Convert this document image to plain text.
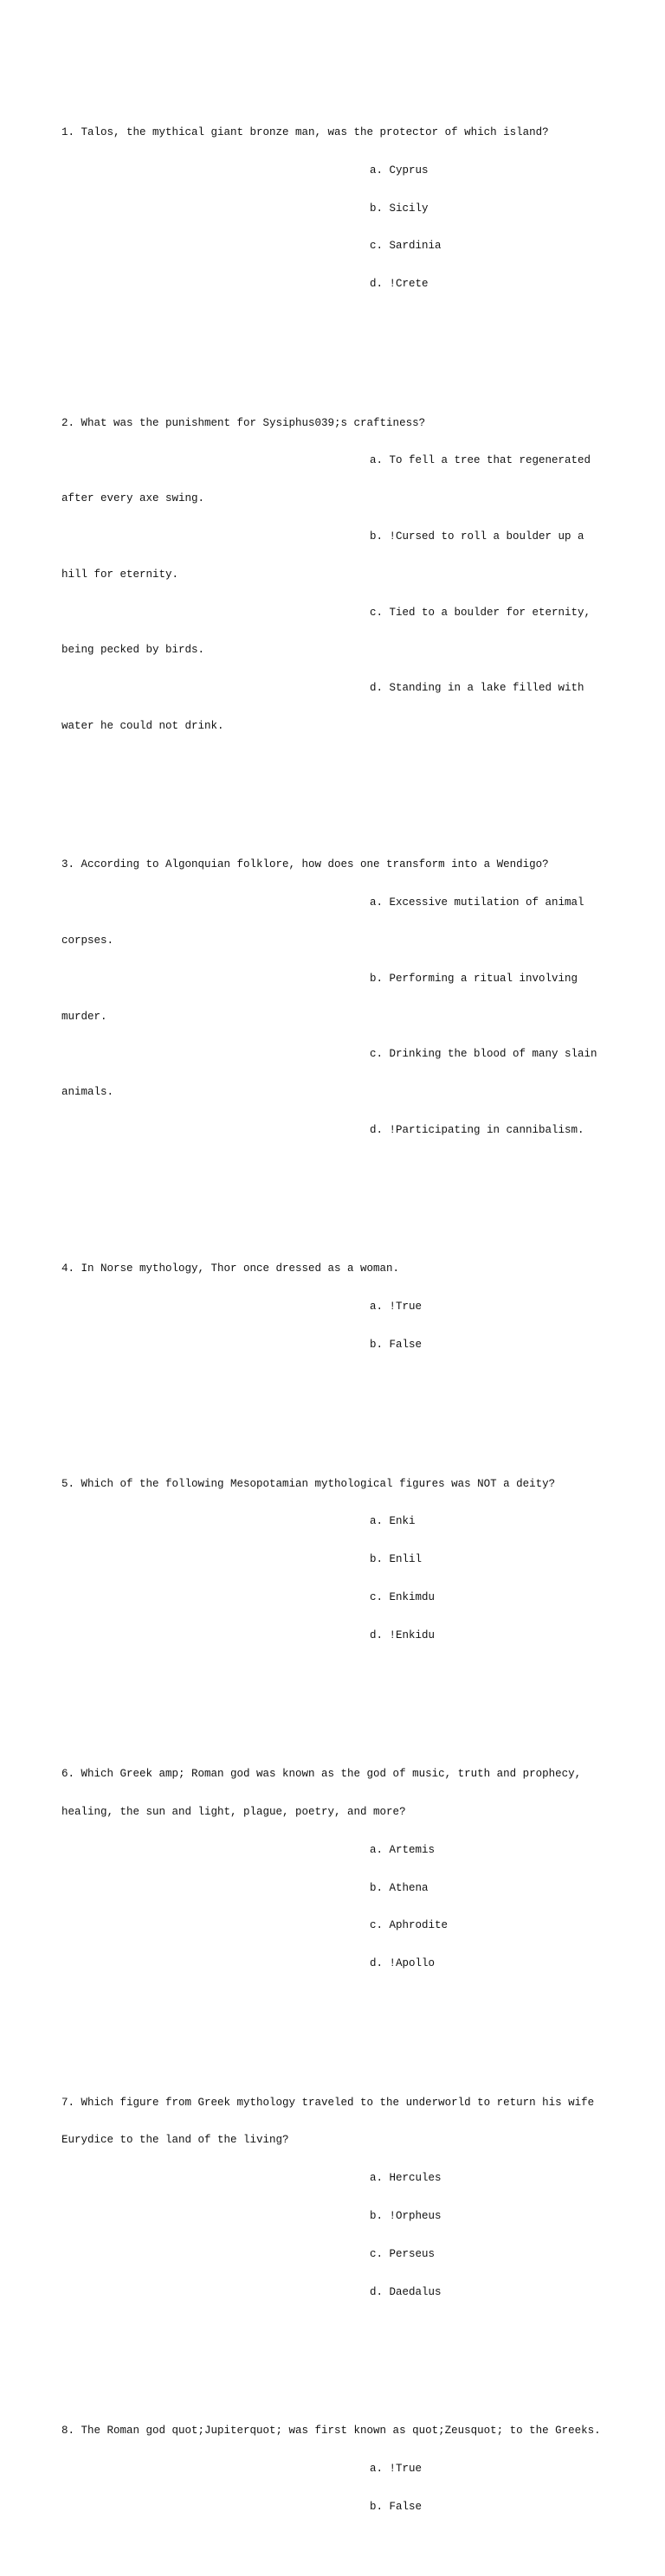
1. Talos, the mythical giant bronze man, was the protector of which island?

a. Cyprus

b. Sicily

c. Sardinia

d. !Crete

2. What was the punishment for Sysiphus039;s craftiness?

a. To fell a tree that regenerated

after every axe swing.

b. !Cursed to roll a boulder up a

hill for eternity.

c. Tied to a boulder for eternity,

being pecked by birds.

d. Standing in a lake filled with

water he could not drink.

3. According to Algonquian folklore, how does one transform into a Wendigo?

a. Excessive mutilation of animal

corpses.

b. Performing a ritual involving

murder.

c. Drinking the blood of many slain

animals.

d. !Participating in cannibalism.

4. In Norse mythology, Thor once dressed as a woman.

a. !True

b. False

5. Which of the following Mesopotamian mythological figures was NOT a deity?

a. Enki

b. Enlil

c. Enkimdu

d. !Enkidu

6. Which Greek amp; Roman god was known as the god of music, truth and prophecy,

healing, the sun and light, plague, poetry, and more?

a. Artemis

b. Athena

c. Aphrodite

d. !Apollo

7. Which figure from Greek mythology traveled to the underworld to return his wife

Eurydice to the land of the living?

a. Hercules

b. !Orpheus

c. Perseus

d. Daedalus

8. The Roman god quot;Jupiterquot; was first known as quot;Zeusquot; to the Greeks.

a. !True

b. False
